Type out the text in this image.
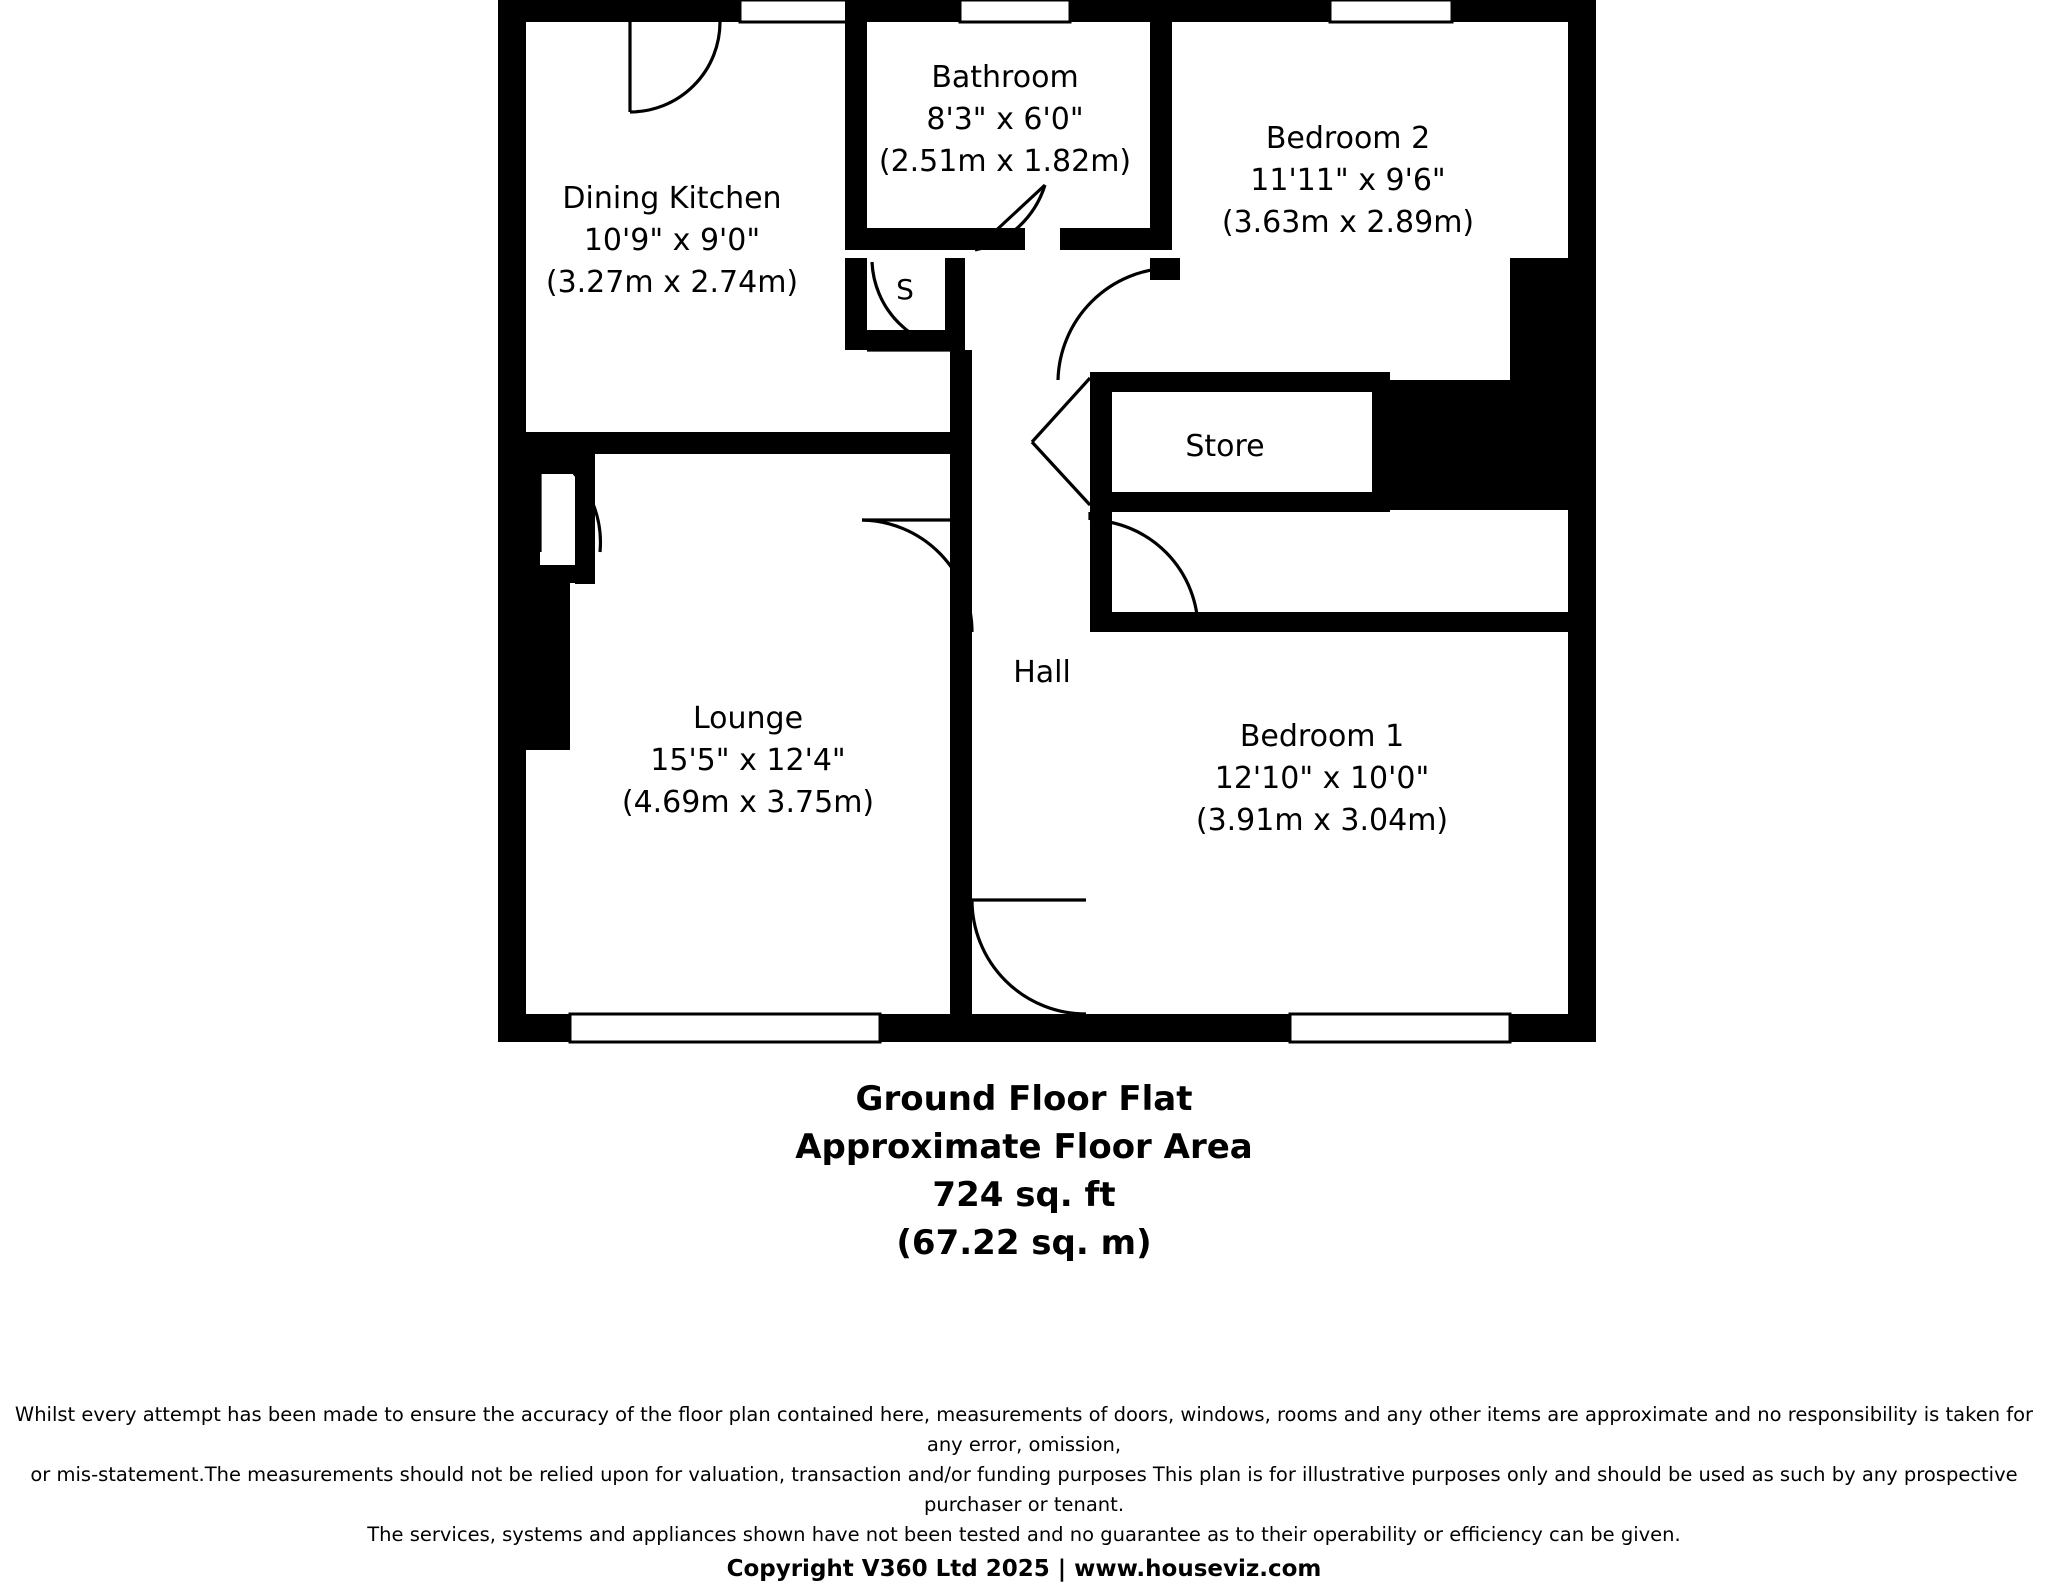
Dining Kitchen
10'9" x 9'0"
(3.27m x 2.74m)
Bathroom
8'3" x 6'0"
(2.51m x 1.82m)
Bedroom 2
11'11" x 9'6"
(3.63m x 2.89m)
Lounge
15'5" x 12'4"
(4.69m x 3.75m)
Bedroom 1
12'10" x 10'0"
(3.91m x 3.04m)
Store
Hall
S
S
Ground Floor Flat
Approximate Floor Area
724 sq. ft
(67.22 sq. m)
Whilst every attempt has been made to ensure the accuracy of the floor plan contained here, measurements of doors, windows, rooms and any other items are approximate and no responsibility is taken for any error, omission,
or mis-statement.The measurements should not be relied upon for valuation, transaction and/or funding purposes This plan is for illustrative purposes only and should be used as such by any prospective purchaser or tenant.
The services, systems and appliances shown have not been tested and no guarantee as to their operability or efficiency can be given.
Copyright V360 Ltd 2025 | www.houseviz.com
